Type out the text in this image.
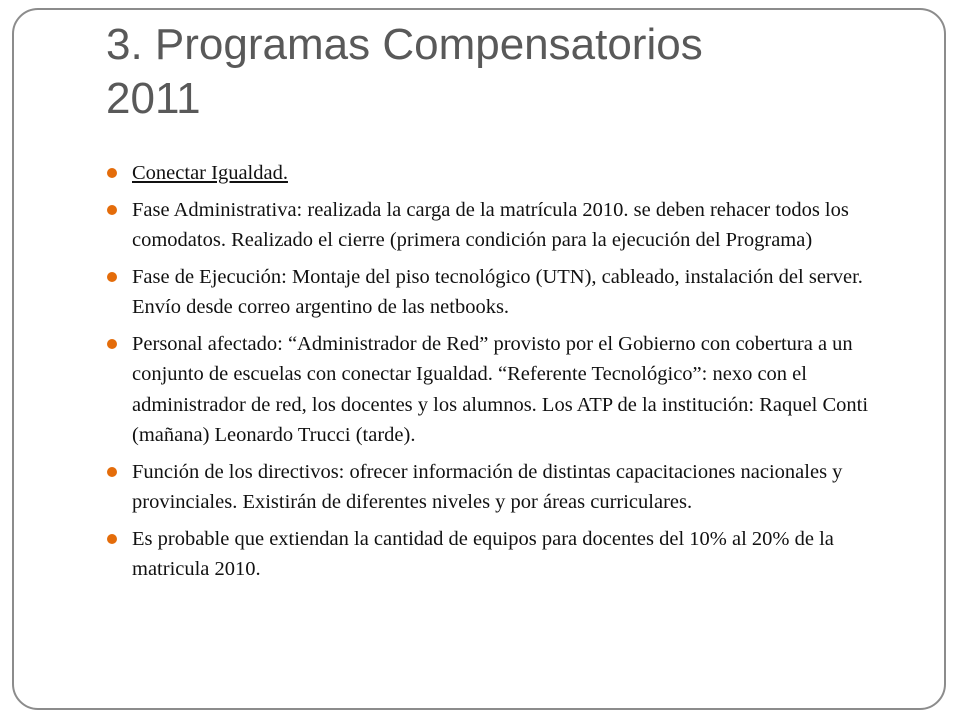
3. Programas Compensatorios
2011
Conectar Igualdad.
Fase Administrativa: realizada la carga de la matrícula 2010. se deben rehacer todos los comodatos. Realizado el cierre (primera condición para la ejecución del Programa)
Fase de Ejecución: Montaje del piso tecnológico (UTN), cableado, instalación del server. Envío desde correo argentino de las netbooks.
Personal afectado: “Administrador de Red” provisto por el Gobierno con cobertura a un conjunto de escuelas con conectar Igualdad. “Referente Tecnológico”: nexo con el administrador de red, los docentes y los alumnos. Los ATP de la institución: Raquel Conti (mañana) Leonardo Trucci (tarde).
Función de los directivos: ofrecer información de distintas capacitaciones nacionales y provinciales. Existirán de diferentes niveles y por áreas curriculares.
Es probable que extiendan la cantidad de equipos para docentes del 10% al 20% de la matricula 2010.
